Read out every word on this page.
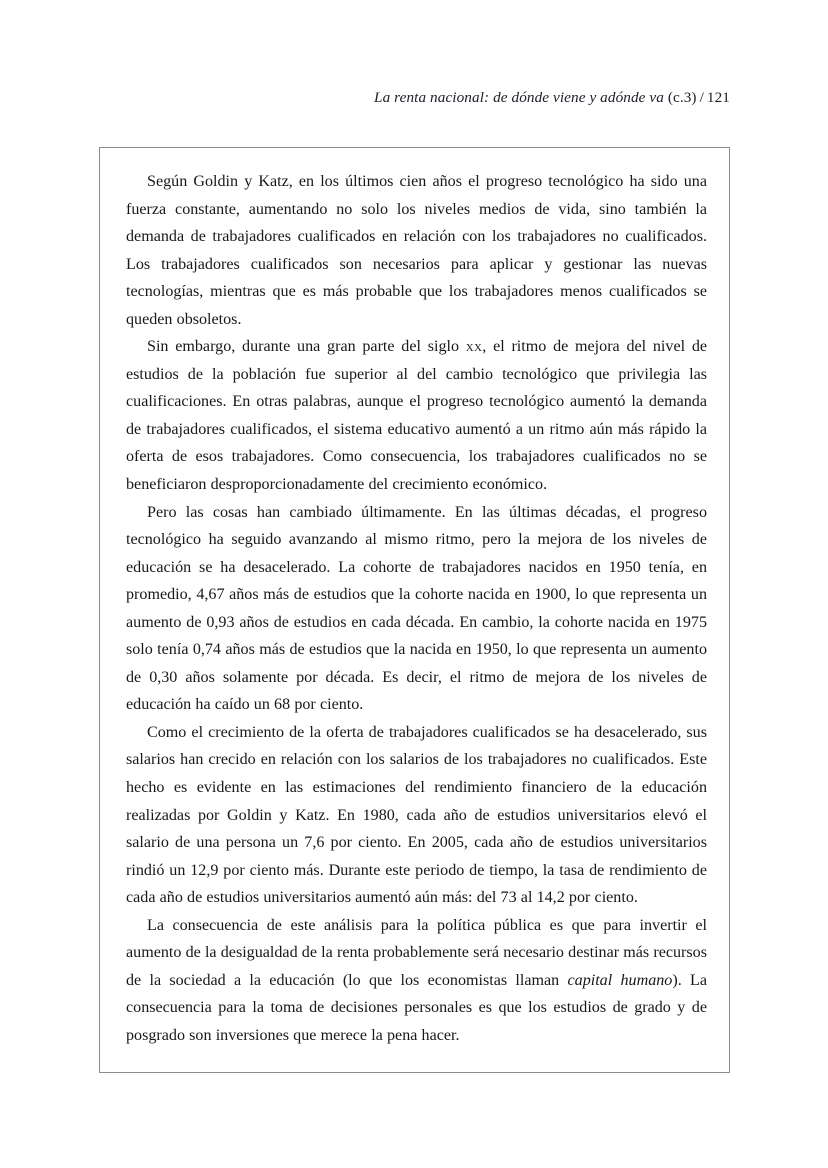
La renta nacional: de dónde viene y adónde va (c.3) / 121

Según Goldin y Katz, en los últimos cien años el progreso tecnológico ha sido una fuerza constante, aumentando no solo los niveles medios de vida, sino también la demanda de trabajadores cualificados en relación con los trabajadores no cualificados. Los trabajadores cualificados son necesarios para aplicar y gestionar las nuevas tecnologías, mientras que es más probable que los trabajadores menos cualificados se queden obsoletos.

Sin embargo, durante una gran parte del siglo xx, el ritmo de mejora del nivel de estudios de la población fue superior al del cambio tecnológico que privilegia las cualificaciones. En otras palabras, aunque el progreso tecnológico aumentó la demanda de trabajadores cualificados, el sistema educativo aumentó a un ritmo aún más rápido la oferta de esos trabajadores. Como consecuencia, los trabajadores cualificados no se beneficiaron desproporcionadamente del crecimiento económico.

Pero las cosas han cambiado últimamente. En las últimas décadas, el progreso tecnológico ha seguido avanzando al mismo ritmo, pero la mejora de los niveles de educación se ha desacelerado. La cohorte de trabajadores nacidos en 1950 tenía, en promedio, 4,67 años más de estudios que la cohorte nacida en 1900, lo que representa un aumento de 0,93 años de estudios en cada década. En cambio, la cohorte nacida en 1975 solo tenía 0,74 años más de estudios que la nacida en 1950, lo que representa un aumento de 0,30 años solamente por década. Es decir, el ritmo de mejora de los niveles de educación ha caído un 68 por ciento.

Como el crecimiento de la oferta de trabajadores cualificados se ha desacelerado, sus salarios han crecido en relación con los salarios de los trabajadores no cualificados. Este hecho es evidente en las estimaciones del rendimiento financiero de la educación realizadas por Goldin y Katz. En 1980, cada año de estudios universitarios elevó el salario de una persona un 7,6 por ciento. En 2005, cada año de estudios universitarios rindió un 12,9 por ciento más. Durante este periodo de tiempo, la tasa de rendimiento de cada año de estudios universitarios aumentó aún más: del 73 al 14,2 por ciento.

La consecuencia de este análisis para la política pública es que para invertir el aumento de la desigualdad de la renta probablemente será necesario destinar más recursos de la sociedad a la educación (lo que los economistas llaman capital humano). La consecuencia para la toma de decisiones personales es que los estudios de grado y de posgrado son inversiones que merece la pena hacer.
